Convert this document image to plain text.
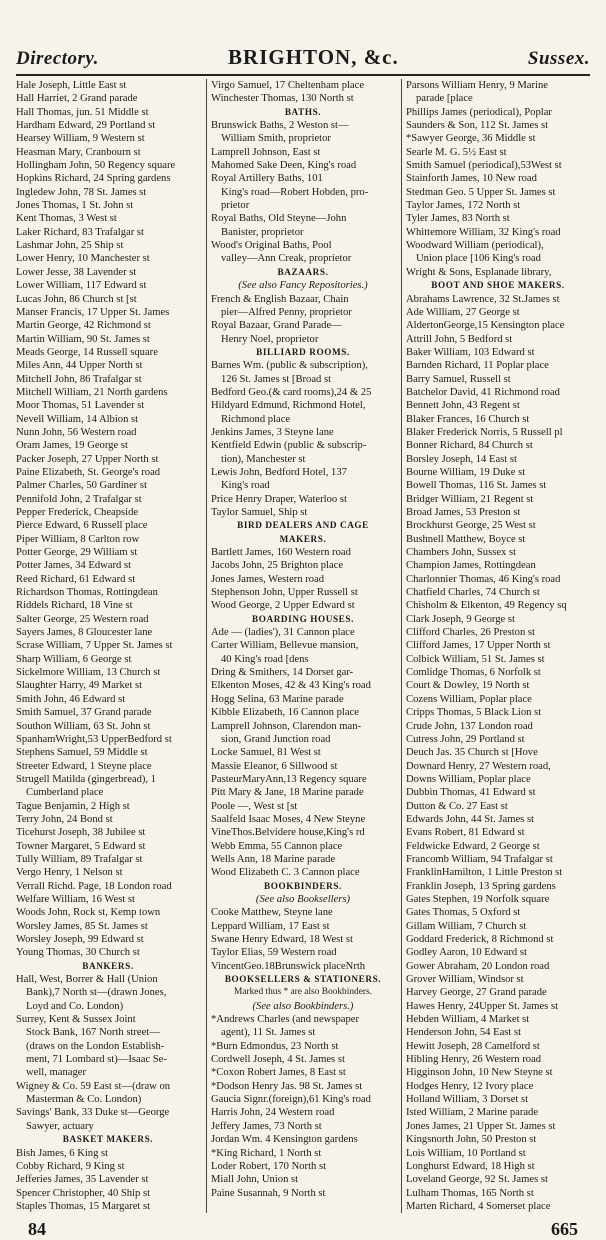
Directory.	BRIGHTON, &c.	Sussex.
Hale Joseph, Little East st
Hall Harriet, 2 Grand parade
Hall Thomas, jun. 51 Middle st
Hardham Edward, 29 Portland st
Hearsey William, 9 Western st
Heasman Mary, Cranbourn st
Hollingham John, 50 Regency square
Hopkins Richard, 24 Spring gardens
Ingledew John, 78 St. James st
Jones Thomas, 1 St. John st
Kent Thomas, 3 West st
Laker Richard, 83 Trafalgar st
Lashmar John, 25 Ship st
Lower Henry, 10 Manchester st
Lower Jesse, 38 Lavender st
Lower William, 117 Edward st
Lucas John, 86 Church st [st
Manser Francis, 17 Upper St. James
Martin George, 42 Richmond st
Martin William, 90 St. James st
Meads George, 14 Russell square
Miles Ann, 44 Upper North st
Mitchell John, 86 Trafalgar st
Mitchell William, 21 North gardens
Moor Thomas, 51 Lavender st
Nevell William, 14 Albion st
Nunn John, 56 Western road
Oram James, 19 George st
Packer Joseph, 27 Upper North st
Paine Elizabeth, St. George's road
Palmer Charles, 50 Gardiner st
Pennifold John, 2 Trafalgar st
Pepper Frederick, Cheapside
Pierce Edward, 6 Russell place
Piper William, 8 Carlton row
Potter George, 29 William st
Potter James, 34 Edward st
Reed Richard, 61 Edward st
Richardson Thomas, Rottingdean
Riddels Richard, 18 Vine st
Salter George, 25 Western road
Sayers James, 8 Gloucester lane
Scrase William, 7 Upper St. James st
Sharp William, 6 George st
Sickelmore William, 13 Church st
Slaughter Harry, 49 Market st
Smith John, 46 Edward st
Smith Samuel, 37 Grand parade
Southon William, 63 St. John st
SpanhamWright,53 UpperBedford st
Stephens Samuel, 59 Middle st
Streeter Edward, 1 Steyne place
Strugell Matilda (gingerbread), 1
Cumberland place
Tague Benjamin, 2 High st
Terry John, 24 Bond st
Ticehurst Joseph, 38 Jubilee st
Towner Margaret, 5 Edward st
Tully William, 89 Trafalgar st
Vergo Henry, 1 Nelson st
Verrall Richd. Page, 18 London road
Welfare William, 16 West st
Woods John, Rock st, Kemp town
Worsley James, 85 St. James st
Worsley Joseph, 99 Edward st
Young Thomas, 30 Church st
BANKERS.
Hall, West, Borrer & Hall (Union
Bank),7 North st—(drawn Jones,
Loyd and Co. London)
Surrey, Kent & Sussex Joint
Stock Bank, 167 North street—
(draws on the London Establish-
ment, 71 Lombard st)—Isaac Se-
well, manager
Wigney & Co. 59 East st—(draw on
Masterman & Co. London)
Savings' Bank, 33 Duke st—George
Sawyer, actuary
BASKET MAKERS.
Bish James, 6 King st
Cobby Richard, 9 King st
Jefferies James, 35 Lavender st
Spencer Christopher, 40 Ship st
Staples Thomas, 15 Margaret st
Virgo Samuel, 17 Cheltenham place
Winchester Thomas, 130 North st
BATHS.
Brunswick Baths, 2 Weston st—
William Smith, proprietor
Lamprell Johnson, East st
Mahomed Sake Deen, King's road
Royal Artillery Baths, 101
King's road—Robert Hobden, pro-
prietor
Royal Baths, Old Steyne—John
Banister, proprietor
Wood's Original Baths, Pool
valley—Ann Creak, proprietor
BAZAARS.
(See also Fancy Repositories.)
French & English Bazaar, Chain
pier—Alfred Penny, proprietor
Royal Bazaar, Grand Parade—
Henry Noel, proprietor
BILLIARD ROOMS.
Barnes Wm. (public & subscription),
126 St. James st [Broad st
Bedford Geo.(& card rooms),24 & 25
Hildyard Edmund, Richmond Hotel,
Richmond place
Jenkins James, 3 Steyne lane
Kentfield Edwin (public & subscrip-
tion), Manchester st
Lewis John, Bedford Hotel, 137
King's road
Price Henry Draper, Waterloo st
Taylor Samuel, Ship st
BIRD DEALERS AND CAGE
MAKERS.
Bartlett James, 160 Western road
Jacobs John, 25 Brighton place
Jones James, Western road
Stephenson John, Upper Russell st
Wood George, 2 Upper Edward st
BOARDING HOUSES.
Ade — (ladies'), 31 Cannon place
Carter William, Bellevue mansion,
40 King's road [dens
Dring & Smithers, 14 Dorset gar-
Elkenton Moses, 42 & 43 King's road
Hogg Selina, 63 Marine parade
Kibble Elizabeth, 16 Cannon place
Lamprell Johnson, Clarendon man-
sion, Grand Junction road
Locke Samuel, 81 West st
Massie Eleanor, 6 Sillwood st
PasteurMaryAnn,13 Regency square
Pitt Mary & Jane, 18 Marine parade
Poole —, West st [st
Saalfeld Isaac Moses, 4 New Steyne
VineThos.Belvidere house,King's rd
Webb Emma, 55 Cannon place
Wells Ann, 18 Marine parade
Wood Elizabeth C. 3 Cannon place
BOOKBINDERS.
(See also Booksellers)
Cooke Matthew, Steyne lane
Leppard William, 17 East st
Swane Henry Edward, 18 West st
Taylor Elias, 59 Western road
VincentGeo.18Brunswick placeNrth
BOOKSELLERS & STATIONERS.
Marked thus * are also Bookbinders.
(See also Bookbinders.)
*Andrews Charles (and newspaper
agent), 11 St. James st
*Burn Edmondus, 23 North st
Cordwell Joseph, 4 St. James st
*Coxon Robert James, 8 East st
*Dodson Henry Jas. 98 St. James st
Gaucia Signr.(foreign),61 King's road
Harris John, 24 Western road
Jeffery James, 73 North st
Jordan Wm. 4 Kensington gardens
*King Richard, 1 North st
Loder Robert, 170 North st
Miall John, Union st
Paine Susannah, 9 North st
Parsons William Henry, 9 Marine
parade [place
Phillips James (periodical), Poplar
Saunders & Son, 112 St. James st
*Sawyer George, 36 Middle st
Searle M. G. 5½ East st
Smith Samuel (periodical),53West st
Stainforth James, 10 New road
Stedman Geo. 5 Upper St. James st
Taylor James, 172 North st
Tyler James, 83 North st
Whittemore William, 32 King's road
Woodward William (periodical),
Union place [106 King's road
Wright & Sons, Esplanade library,
BOOT AND SHOE MAKERS.
Abrahams Lawrence, 32 St.James st
Ade William, 27 George st
AldertonGeorge,15 Kensington place
Attrill John, 5 Bedford st
Baker William, 103 Edward st
Barnden Richard, 11 Poplar place
Barry Samuel, Russell st
Batchelor David, 41 Richmond road
Bennett John, 43 Regent st
Blaker Frances, 16 Church st
Blaker Frederick Norris, 5 Russell pl
Bonner Richard, 84 Church st
Borsley Joseph, 14 East st
Bourne William, 19 Duke st
Bowell Thomas, 116 St. James st
Bridger William, 21 Regent st
Broad James, 53 Preston st
Brockhurst George, 25 West st
Bushnell Matthew, Boyce st
Chambers John, Sussex st
Champion James, Rottingdean
Charlonnier Thomas, 46 King's road
Chatfield Charles, 74 Church st
Chisholm & Elkenton, 49 Regency sq
Clark Joseph, 9 George st
Clifford Charles, 26 Preston st
Clifford James, 17 Upper North st
Colbick William, 51 St. James st
Comlidge Thomas, 6 Norfolk st
Court & Dowley, 19 North st
Cozens William, Poplar place
Cripps Thomas, 5 Black Lion st
Crude John, 137 London road
Cutress John, 29 Portland st
Deuch Jas. 35 Church st [Hove
Downard Henry, 27 Western road,
Downs William, Poplar place
Dubbin Thomas, 41 Edward st
Dutton & Co. 27 East st
Edwards John, 44 St. James st
Evans Robert, 81 Edward st
Feldwicke Edward, 2 George st
Francomb William, 94 Trafalgar st
FranklinHamilton, 1 Little Preston st
Franklin Joseph, 13 Spring gardens
Gates Stephen, 19 Norfolk square
Gates Thomas, 5 Oxford st
Gillam William, 7 Church st
Goddard Frederick, 8 Richmond st
Godley Aaron, 10 Edward st
Gower Abraham, 20 London road
Grover William, Windsor st
Harvey George, 27 Grand parade
Hawes Henry, 24Upper St. James st
Hebden William, 4 Market st
Henderson John, 54 East st
Hewitt Joseph, 28 Camelford st
Hibling Henry, 26 Western road
Higginson John, 10 New Steyne st
Hodges Henry, 12 Ivory place
Holland William, 3 Dorset st
Isted William, 2 Marine parade
Jones James, 21 Upper St. James st
Kingsnorth John, 50 Preston st
Lois William, 10 Portland st
Longhurst Edward, 18 High st
Loveland George, 92 St. James st
Lulham Thomas, 165 North st
Marten Richard, 4 Somerset place
84	665
